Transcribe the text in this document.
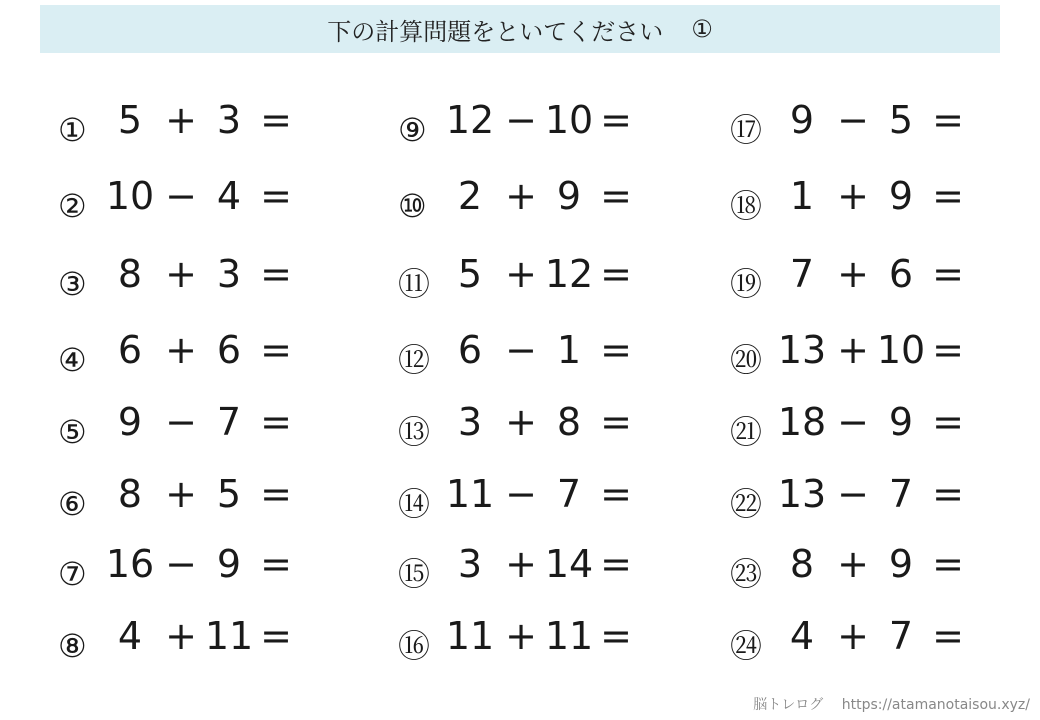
下の計算問題をといてください ①
① 5 + 3 =
② 10 − 4 =
③ 8 + 3 =
④ 6 + 6 =
⑤ 9 − 7 =
⑥ 8 + 5 =
⑦ 16 − 9 =
⑧ 4 + 11 =
⑨ 12 − 10 =
⑩ 2 + 9 =
⑪ 5 + 12 =
⑫ 6 − 1 =
⑬ 3 + 8 =
⑭ 11 − 7 =
⑮ 3 + 14 =
⑯ 11 + 11 =
⑰ 9 − 5 =
⑱ 1 + 9 =
⑲ 7 + 6 =
⑳ 13 + 10 =
㉑ 18 − 9 =
㉒ 13 − 7 =
㉓ 8 + 9 =
㉔ 4 + 7 =
脳トレログ https://atamanotaisou.xyz/
